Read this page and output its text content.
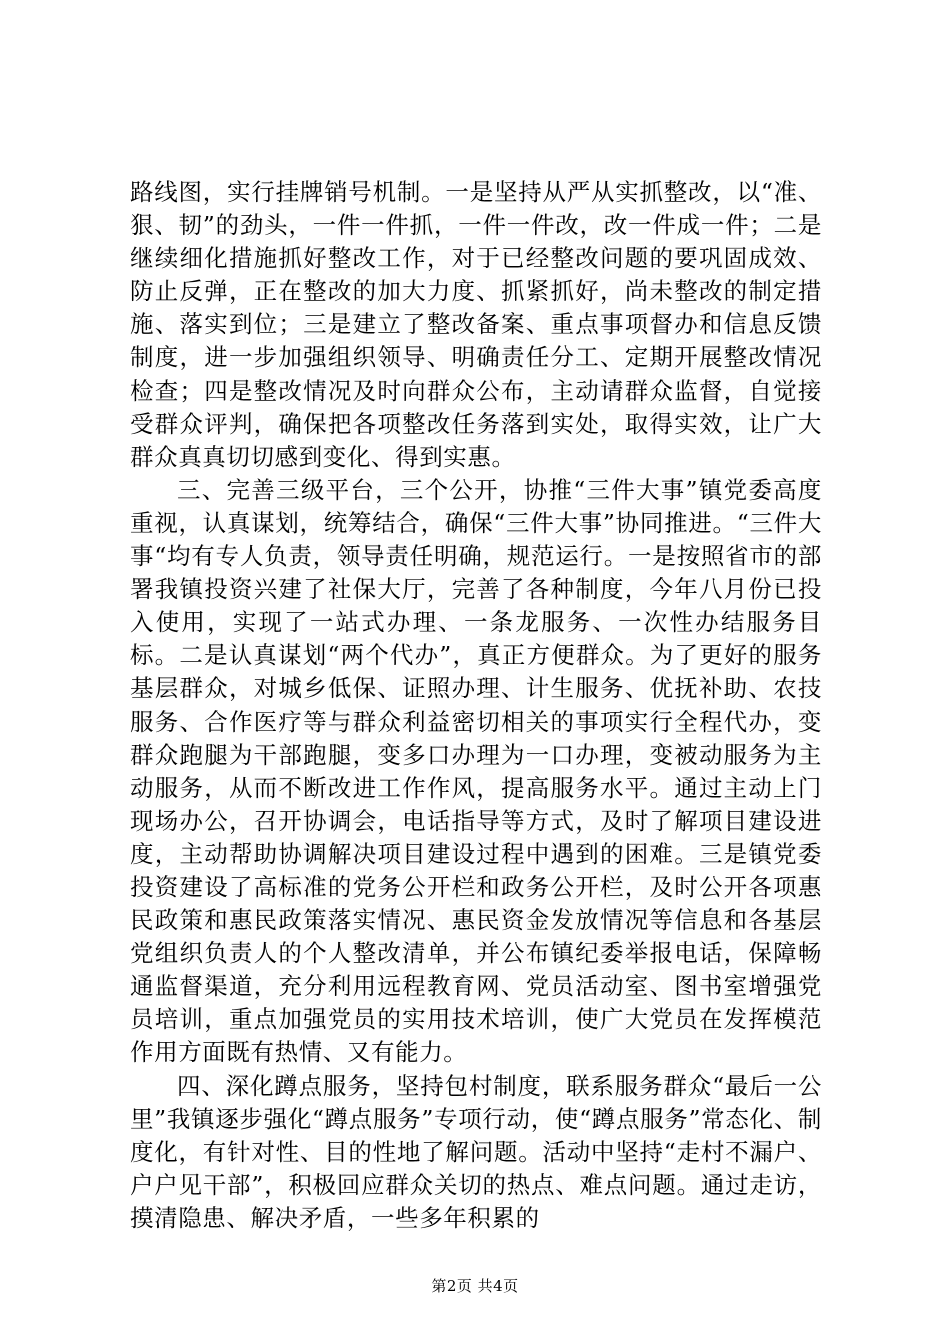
路线图，实行挂牌销号机制。一是坚持从严从实抓整改，以“准、狠、韧”的劲头，一件一件抓，一件一件改，改一件成一件；二是继续细化措施抓好整改工作，对于已经整改问题的要巩固成效、防止反弹，正在整改的加大力度、抓紧抓好，尚未整改的制定措施、落实到位；三是建立了整改备案、重点事项督办和信息反馈制度，进一步加强组织领导、明确责任分工、定期开展整改情况检查；四是整改情况及时向群众公布，主动请群众监督，自觉接受群众评判，确保把各项整改任务落到实处，取得实效，让广大群众真真切切感到变化、得到实惠。

三、完善三级平台，三个公开，协推“三件大事”镇党委高度重视，认真谋划，统筹结合，确保“三件大事”协同推进。“三件大事“均有专人负责，领导责任明确，规范运行。一是按照省市的部署我镇投资兴建了社保大厅，完善了各种制度，今年八月份已投入使用，实现了一站式办理、一条龙服务、一次性办结服务目标。二是认真谋划“两个代办”，真正方便群众。为了更好的服务基层群众，对城乡低保、证照办理、计生服务、优抚补助、农技服务、合作医疗等与群众利益密切相关的事项实行全程代办，变群众跑腿为干部跑腿，变多口办理为一口办理，变被动服务为主动服务，从而不断改进工作作风，提高服务水平。通过主动上门现场办公，召开协调会，电话指导等方式，及时了解项目建设进度，主动帮助协调解决项目建设过程中遇到的困难。三是镇党委投资建设了高标准的党务公开栏和政务公开栏，及时公开各项惠民政策和惠民政策落实情况、惠民资金发放情况等信息和各基层党组织负责人的个人整改清单，并公布镇纪委举报电话，保障畅通监督渠道，充分利用远程教育网、党员活动室、图书室增强党员培训，重点加强党员的实用技术培训，使广大党员在发挥模范作用方面既有热情、又有能力。

四、深化蹲点服务，坚持包村制度，联系服务群众“最后一公里”我镇逐步强化“蹲点服务”专项行动，使“蹲点服务”常态化、制度化，有针对性、目的性地了解问题。活动中坚持“走村不漏户、户户见干部”，积极回应群众关切的热点、难点问题。通过走访，摸清隐患、解决矛盾，一些多年积累的

第2页 共4页
